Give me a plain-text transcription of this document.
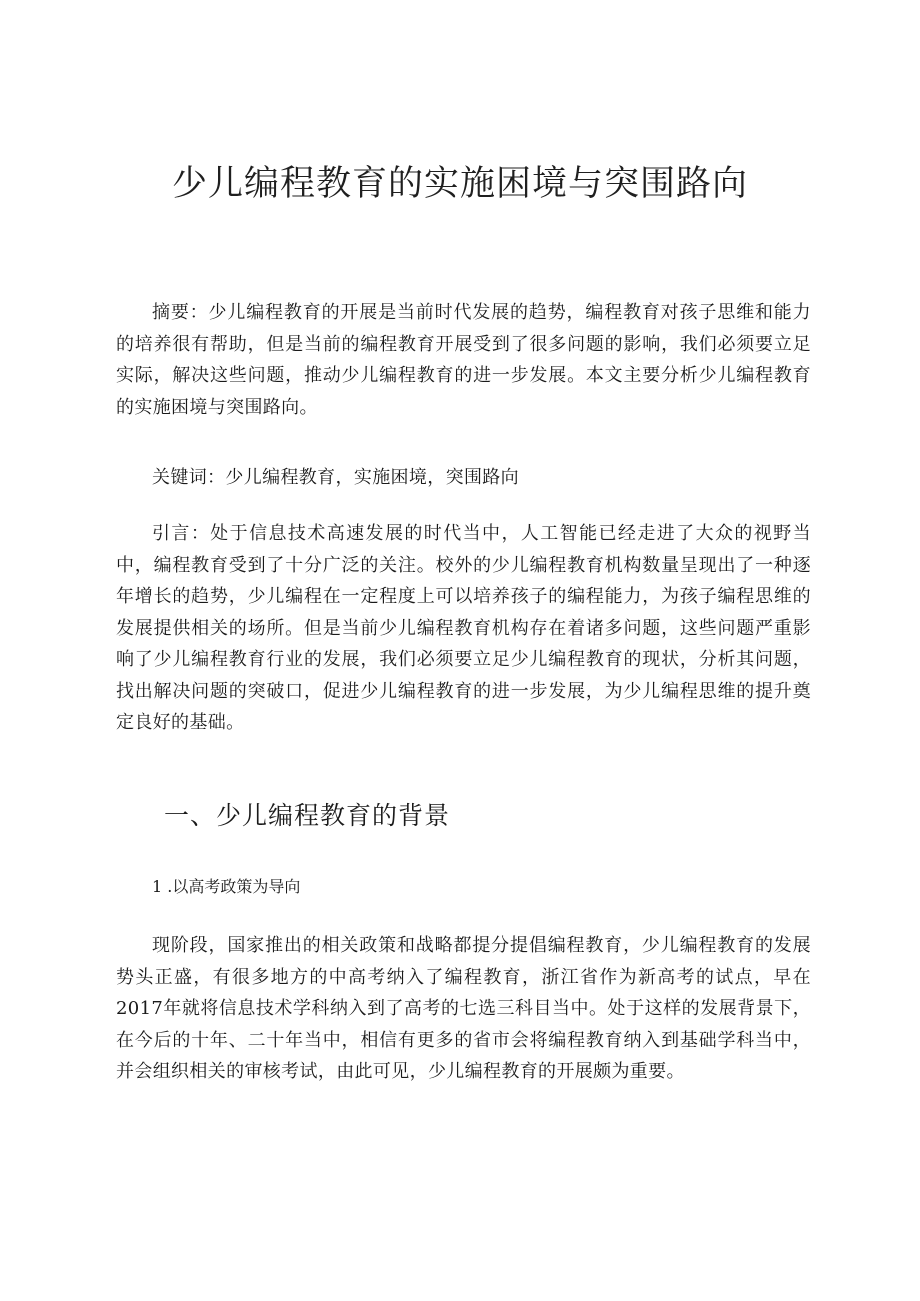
少儿编程教育的实施困境与突围路向
摘要：少儿编程教育的开展是当前时代发展的趋势，编程教育对孩子思维和能力的培养很有帮助，但是当前的编程教育开展受到了很多问题的影响，我们必须要立足实际，解决这些问题，推动少儿编程教育的进一步发展。本文主要分析少儿编程教育的实施困境与突围路向。
关键词：少儿编程教育，实施困境，突围路向
引言：处于信息技术高速发展的时代当中，人工智能已经走进了大众的视野当中，编程教育受到了十分广泛的关注。校外的少儿编程教育机构数量呈现出了一种逐年增长的趋势，少儿编程在一定程度上可以培养孩子的编程能力，为孩子编程思维的发展提供相关的场所。但是当前少儿编程教育机构存在着诸多问题，这些问题严重影响了少儿编程教育行业的发展，我们必须要立足少儿编程教育的现状，分析其问题，找出解决问题的突破口，促进少儿编程教育的进一步发展，为少儿编程思维的提升奠定良好的基础。
一、少儿编程教育的背景
1 .以高考政策为导向
现阶段，国家推出的相关政策和战略都提分提倡编程教育，少儿编程教育的发展势头正盛，有很多地方的中高考纳入了编程教育，浙江省作为新高考的试点，早在2017年就将信息技术学科纳入到了高考的七选三科目当中。处于这样的发展背景下，在今后的十年、二十年当中，相信有更多的省市会将编程教育纳入到基础学科当中，并会组织相关的审核考试，由此可见，少儿编程教育的开展颇为重要。
